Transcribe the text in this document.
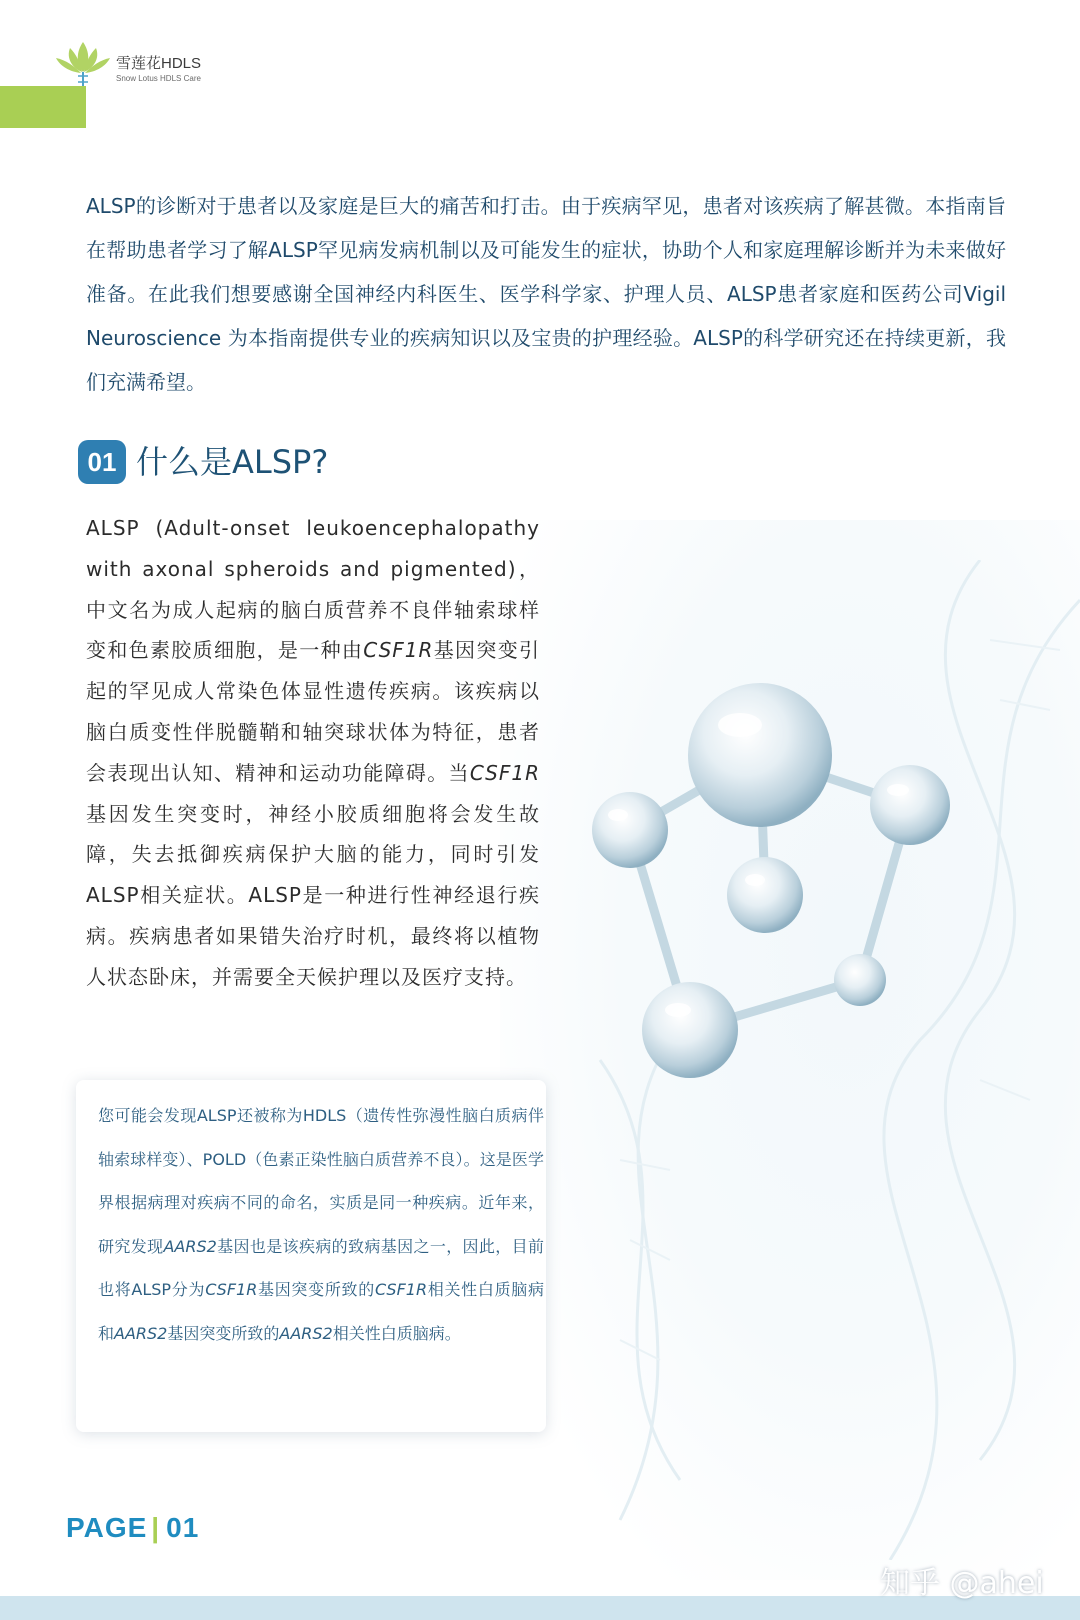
雪莲花HDLS
Snow Lotus HDLS Care
ALSP的诊断对于患者以及家庭是巨大的痛苦和打击。由于疾病罕见，患者对该疾病了解甚微。本指南旨在帮助患者学习了解ALSP罕见病发病机制以及可能发生的症状，协助个人和家庭理解诊断并为未来做好准备。在此我们想要感谢全国神经内科医生、医学科学家、护理人员、ALSP患者家庭和医药公司Vigil Neuroscience 为本指南提供专业的疾病知识以及宝贵的护理经验。ALSP的科学研究还在持续更新，我们充满希望。
01 什么是ALSP?
ALSP (Adult-onset leukoencephalopathy with axonal spheroids and pigmented)，中文名为成人起病的脑白质营养不良伴轴索球样变和色素胶质细胞，是一种由CSF1R基因突变引起的罕见成人常染色体显性遗传疾病。该疾病以脑白质变性伴脱髓鞘和轴突球状体为特征，患者会表现出认知、精神和运动功能障碍。当CSF1R基因发生突变时，神经小胶质细胞将会发生故障，失去抵御疾病保护大脑的能力，同时引发ALSP相关症状。ALSP是一种进行性神经退行疾病。疾病患者如果错失治疗时机，最终将以植物人状态卧床，并需要全天候护理以及医疗支持。
您可能会发现ALSP还被称为HDLS（遗传性弥漫性脑白质病伴轴索球样变）、POLD（色素正染性脑白质营养不良）。这是医学界根据病理对疾病不同的命名，实质是同一种疾病。近年来，研究发现AARS2基因也是该疾病的致病基因之一，因此，目前也将ALSP分为CSF1R基因突变所致的CSF1R相关性白质脑病和AARS2基因突变所致的AARS2相关性白质脑病。
PAGE | 01
知乎 @ahei
